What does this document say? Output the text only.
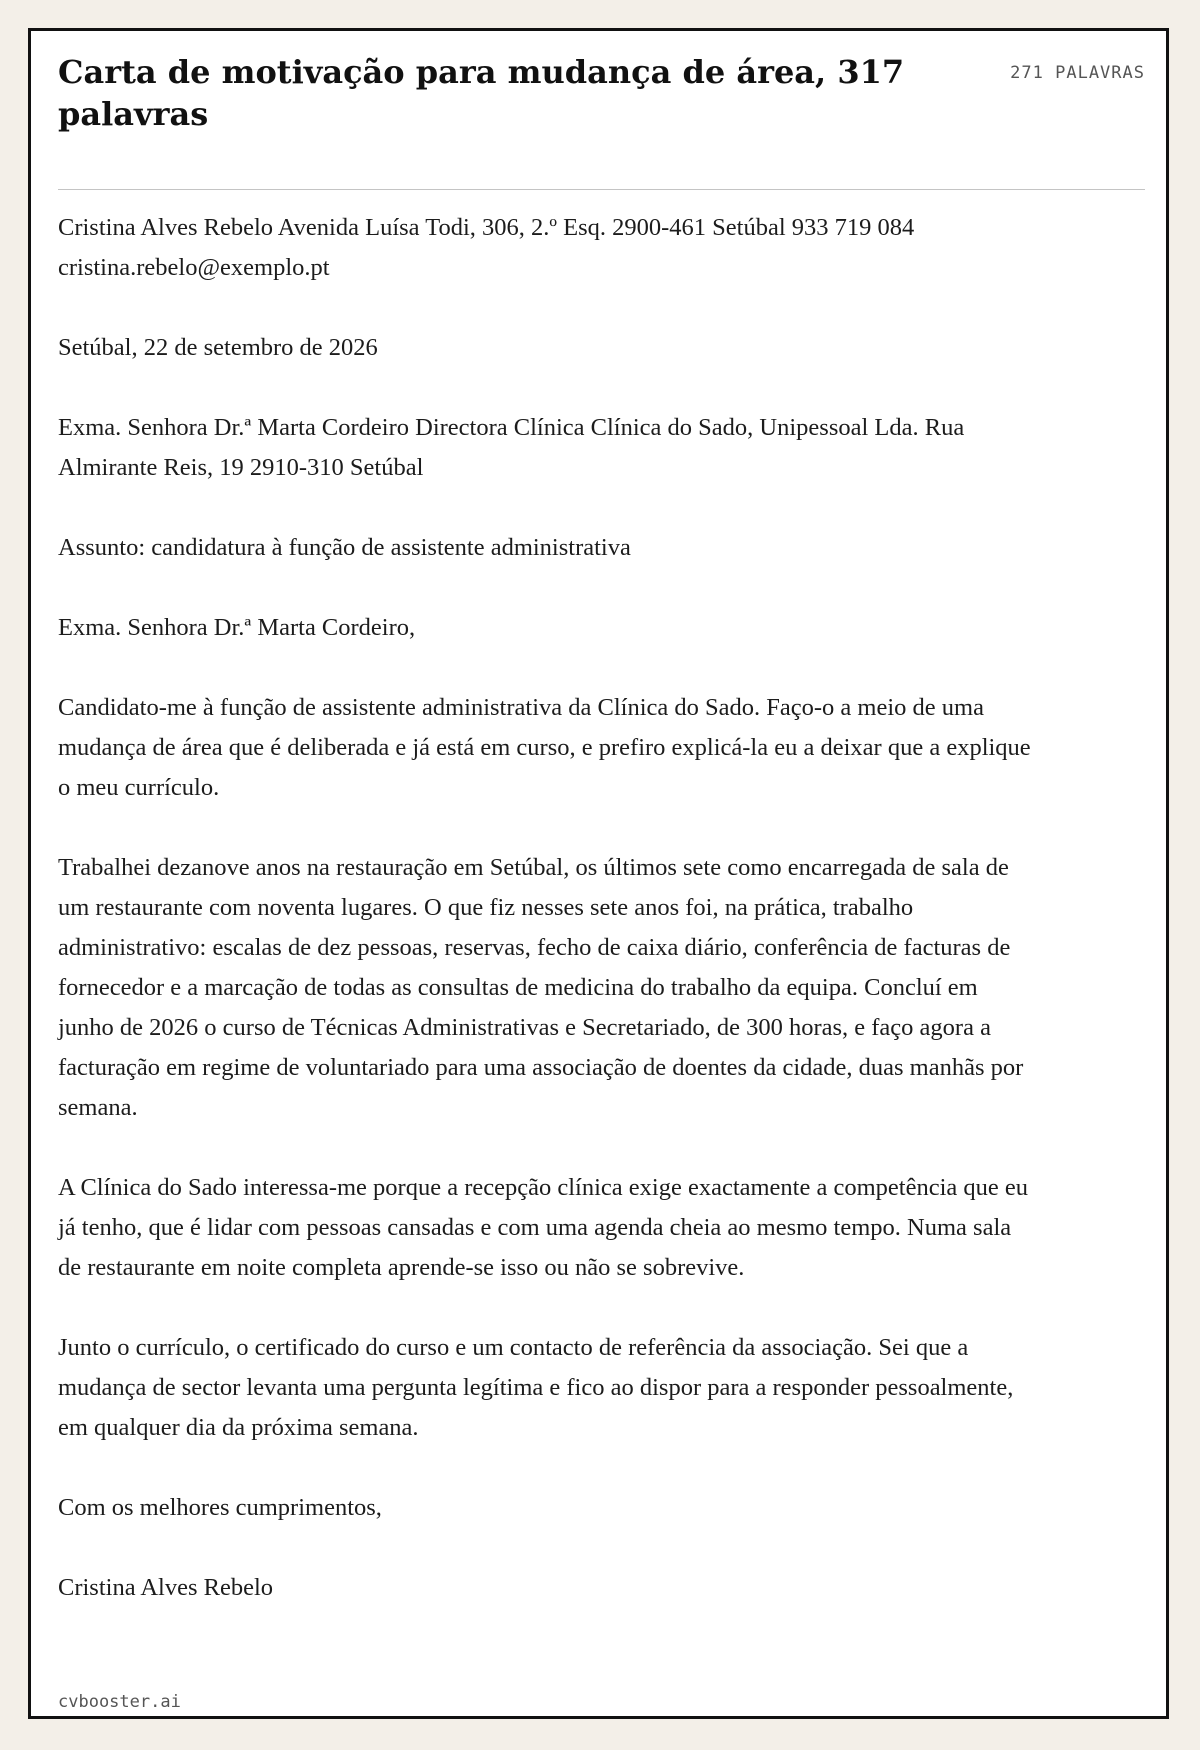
Carta de motivação para mudança de área, 317 palavras
271 PALAVRAS

Cristina Alves Rebelo Avenida Luísa Todi, 306, 2.º Esq. 2900-461 Setúbal 933 719 084 cristina.rebelo@exemplo.pt

Setúbal, 22 de setembro de 2026

Exma. Senhora Dr.ª Marta Cordeiro Directora Clínica Clínica do Sado, Unipessoal Lda. Rua Almirante Reis, 19 2910-310 Setúbal

Assunto: candidatura à função de assistente administrativa

Exma. Senhora Dr.ª Marta Cordeiro,

Candidato-me à função de assistente administrativa da Clínica do Sado. Faço-o a meio de uma mudança de área que é deliberada e já está em curso, e prefiro explicá-la eu a deixar que a explique o meu currículo.

Trabalhei dezanove anos na restauração em Setúbal, os últimos sete como encarregada de sala de um restaurante com noventa lugares. O que fiz nesses sete anos foi, na prática, trabalho administrativo: escalas de dez pessoas, reservas, fecho de caixa diário, conferência de facturas de fornecedor e a marcação de todas as consultas de medicina do trabalho da equipa. Concluí em junho de 2026 o curso de Técnicas Administrativas e Secretariado, de 300 horas, e faço agora a facturação em regime de voluntariado para uma associação de doentes da cidade, duas manhãs por semana.

A Clínica do Sado interessa-me porque a recepção clínica exige exactamente a competência que eu já tenho, que é lidar com pessoas cansadas e com uma agenda cheia ao mesmo tempo. Numa sala de restaurante em noite completa aprende-se isso ou não se sobrevive.

Junto o currículo, o certificado do curso e um contacto de referência da associação. Sei que a mudança de sector levanta uma pergunta legítima e fico ao dispor para a responder pessoalmente, em qualquer dia da próxima semana.

Com os melhores cumprimentos,

Cristina Alves Rebelo

cvbooster.ai
